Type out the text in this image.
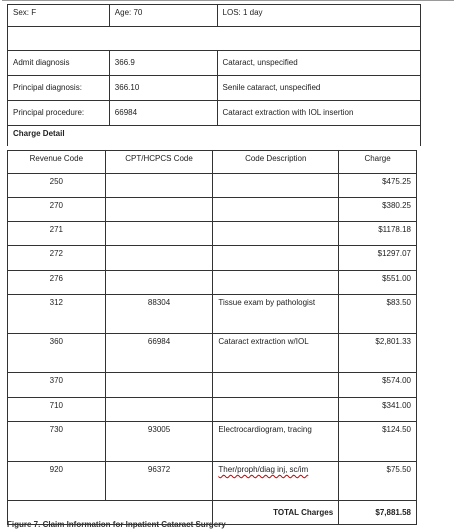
Sex: F	Age: 70	LOS: 1 day

Admit diagnosis	366.9	Cataract, unspecified
Principal diagnosis:	366.10	Senile cataract, unspecified
Principal procedure:	66984	Cataract extraction with IOL insertion
Charge Detail		
Revenue Code	CPT/HCPCS Code	Code Description	Charge
250			$475.25
270			$380.25
271			$1178.18
272			$1297.07
276			$551.00
312	88304	Tissue exam by pathologist	$83.50
360	66984	Cataract extraction w/IOL	$2,801.33
370			$574.00
710			$341.00
730	93005	Electrocardiogram, tracing	$124.50
920	96372	Ther/proph/diag inj, sc/im	$75.50
		TOTAL Charges	$7,881.58
Figure 7. Claim Information for Inpatient Cataract Surgery
